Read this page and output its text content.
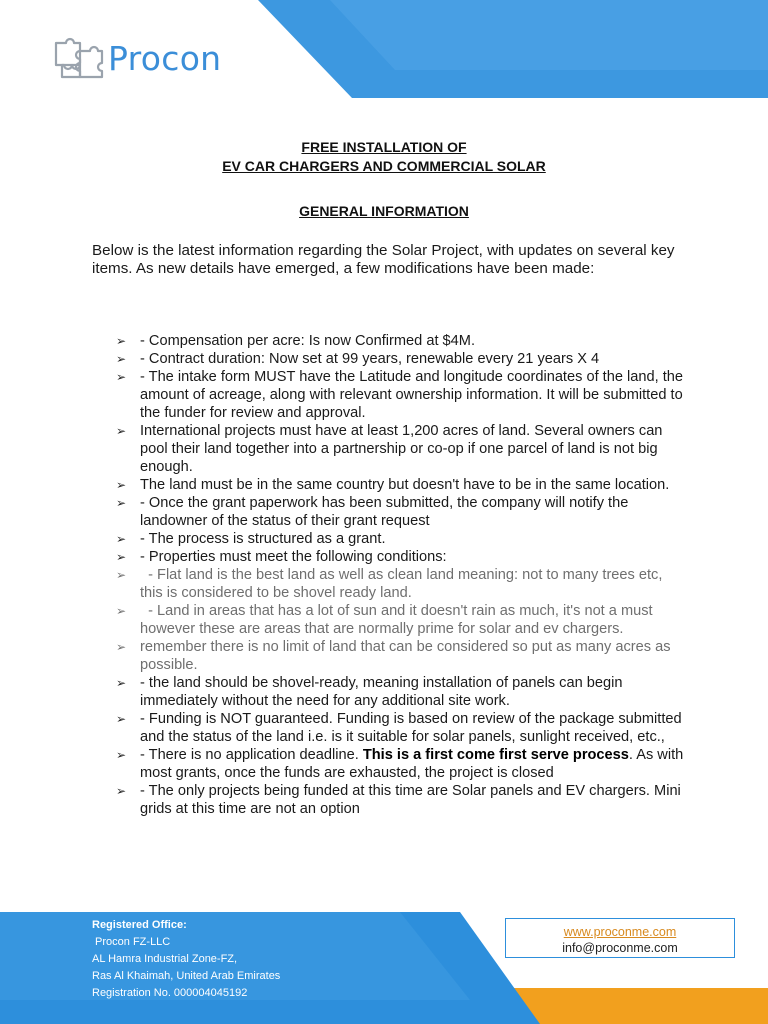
Procon
FREE INSTALLATION OF
EV CAR CHARGERS AND COMMERCIAL SOLAR
GENERAL INFORMATION
Below is the latest information regarding the Solar Project, with updates on several key items. As new details have emerged, a few modifications have been made:
➢ - Compensation per acre: Is now Confirmed at $4M.
➢ - Contract duration: Now set at 99 years, renewable every 21 years X 4
➢ - The intake form MUST have the Latitude and longitude coordinates of the land, the amount of acreage, along with relevant ownership information. It will be submitted to the funder for review and approval.
➢ International projects must have at least 1,200 acres of land. Several owners can pool their land together into a partnership or co-op if one parcel of land is not big enough.
➢ The land must be in the same country but doesn't have to be in the same location.
➢ - Once the grant paperwork has been submitted, the company will notify the landowner of the status of their grant request
➢ - The process is structured as a grant.
➢ - Properties must meet the following conditions:
➢ - Flat land is the best land as well as clean land meaning: not to many trees etc, this is considered to be shovel ready land.
➢ - Land in areas that has a lot of sun and it doesn't rain as much, it's not a must however these are areas that are normally prime for solar and ev chargers.
➢ remember there is no limit of land that can be considered so put as many acres as possible.
➢ - the land should be shovel-ready, meaning installation of panels can begin immediately without the need for any additional site work.
➢ - Funding is NOT guaranteed. Funding is based on review of the package submitted and the status of the land i.e. is it suitable for solar panels, sunlight received, etc.,
➢ - There is no application deadline. This is a first come first serve process. As with most grants, once the funds are exhausted, the project is closed
➢ - The only projects being funded at this time are Solar panels and EV chargers. Mini grids at this time are not an option
Registered Office:
Procon FZ-LLC
AL Hamra Industrial Zone-FZ,
Ras Al Khaimah, United Arab Emirates
Registration No. 000004045192
www.proconme.com
info@proconme.com
